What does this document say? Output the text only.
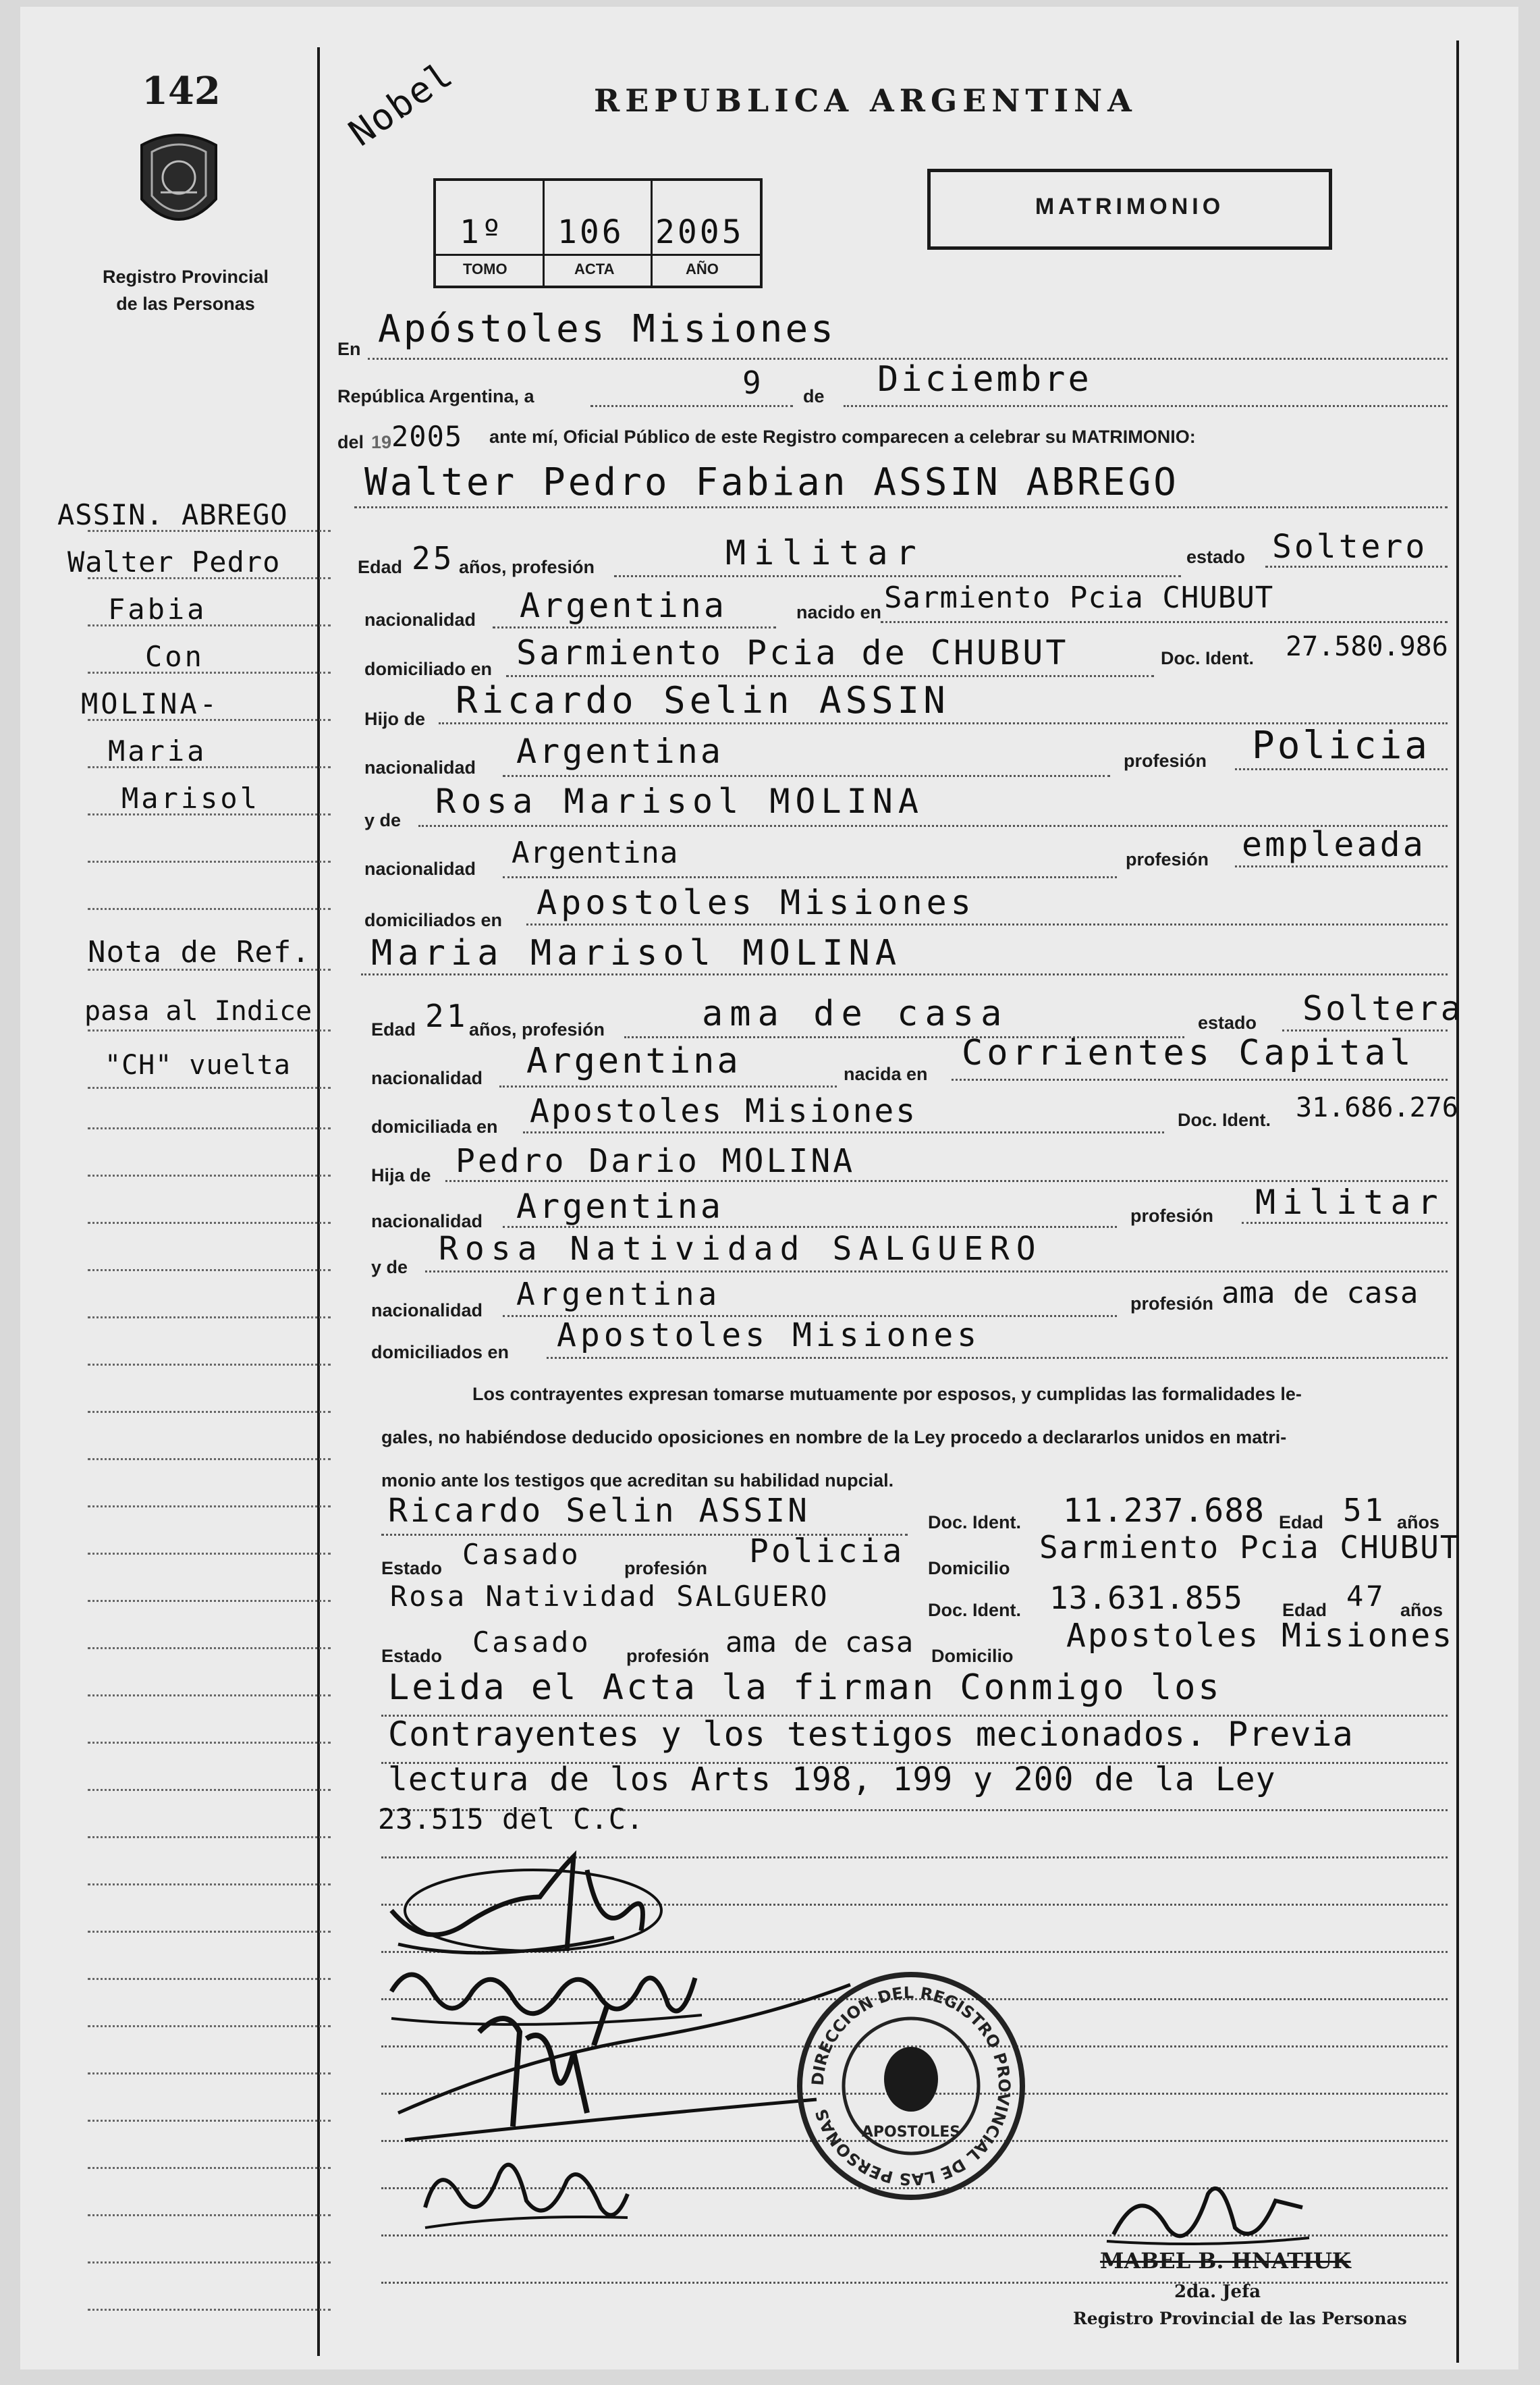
142
Registro Provincial
de las Personas
Nobel	REPUBLICA ARGENTINA
1º 106 2005
TOMO	ACTA	AÑO
MATRIMONIO
ASSIN. ABREGO
Walter Pedro
Fabia
Con
MOLINA-
Maria
Marisol
Nota de Ref.
pasa al Indice
"CH" vuelta
En Apóstoles Misiones
República Argentina, a	9 de Diciembre
del 19 2005 ante mí, Oficial Público de este Registro comparecen a celebrar su MATRIMONIO:
Walter Pedro Fabian ASSIN ABREGO
Edad 25 años, profesión	Militar	estado Soltero
nacionalidad Argentina	nacido en Sarmiento Pcia CHUBUT
domiciliado en Sarmiento Pcia de CHUBUT	Doc. Ident. 27.580.986
Hijo de Ricardo Selin ASSIN
nacionalidad Argentina	profesión Policia
y de Rosa Marisol MOLINA
nacionalidad Argentina	profesión empleada
domiciliados en Apostoles Misiones
Maria Marisol MOLINA
Edad 21 años, profesión	ama de casa	estado Soltera
nacionalidad Argentina	nacida en
Corrientes Capital
domiciliada en Apostoles Misiones	Doc. Ident. 31.686.276
Hija de Pedro Dario MOLINA
nacionalidad Argentina	profesión Militar
y de Rosa Natividad SALGUERO
nacionalidad Argentina	profesión ama de casa
domiciliados en Apostoles Misiones
Los contrayentes expresan tomarse mutuamente por esposos, y cumplidas las formalidades le-
gales, no habiéndose deducido oposiciones en nombre de la Ley procedo a declararlos unidos en matri-
monio ante los testigos que acreditan su habilidad nupcial.
Ricardo Selin ASSIN	Doc. Ident. 11.237.688 Edad 51 años
Estado Casado profesión Policia Domicilio
Sarmiento Pcia CHUBUT
Rosa Natividad SALGUERO	Doc. Ident. 13.631.855 Edad 47 años
Estado Casado profesión ama de casa Domicilio
Apostoles Misiones
Leida el Acta la firman Conmigo los
Contrayentes y los testigos mecionados. Previa
lectura de los Arts 198, 199 y 200 de la Ley
23.515 del C.C.
DIRECCION DEL REGISTRO PROVINCIAL DE LAS PERSONAS
APOSTOLES
MABEL B. HNATIUK
2da. Jefa
Registro Provincial de las Personas
